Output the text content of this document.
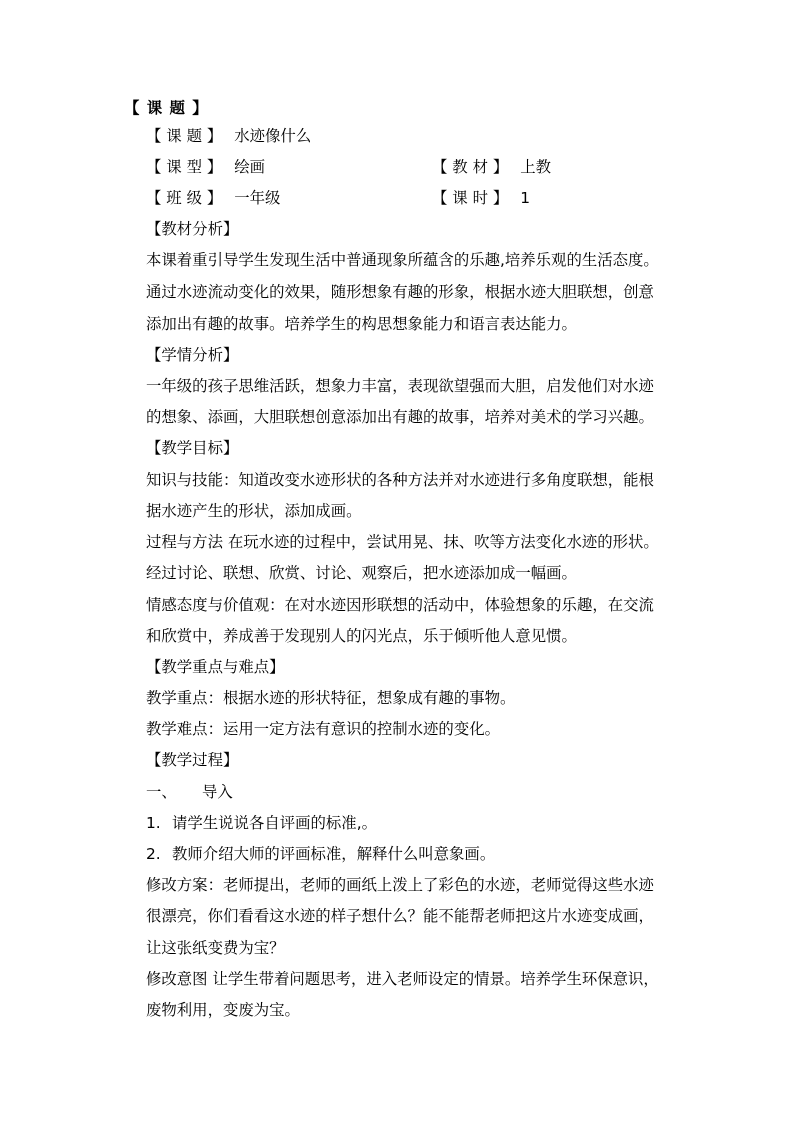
【 课 题 】
【 课 题 】 水迹像什么
【 课 型 】 绘画	【 教 材 】 上教
【 班 级 】 一年级	【 课 时 】 1
【教材分析】
本课着重引导学生发现生活中普通现象所蕴含的乐趣,培养乐观的生活态度。
通过水迹流动变化的效果，随形想象有趣的形象，根据水迹大胆联想，创意
添加出有趣的故事。培养学生的构思想象能力和语言表达能力。
【学情分析】
一年级的孩子思维活跃，想象力丰富，表现欲望强而大胆，启发他们对水迹
的想象、添画，大胆联想创意添加出有趣的故事，培养对美术的学习兴趣。
【教学目标】
知识与技能：知道改变水迹形状的各种方法并对水迹进行多角度联想，能根
据水迹产生的形状，添加成画。
过程与方法 在玩水迹的过程中，尝试用晃、抹、吹等方法变化水迹的形状。
经过讨论、联想、欣赏、讨论、观察后，把水迹添加成一幅画。
情感态度与价值观：在对水迹因形联想的活动中，体验想象的乐趣，在交流
和欣赏中，养成善于发现别人的闪光点，乐于倾听他人意见惯。
【教学重点与难点】
教学重点：根据水迹的形状特征，想象成有趣的事物。
教学难点：运用一定方法有意识的控制水迹的变化。
【教学过程】
一、 导入
1. 请学生说说各自评画的标准,。
2. 教师介绍大师的评画标准，解释什么叫意象画。
修改方案：老师提出，老师的画纸上泼上了彩色的水迹，老师觉得这些水迹
很漂亮，你们看看这水迹的样子想什么？能不能帮老师把这片水迹变成画，
让这张纸变费为宝？
修改意图 让学生带着问题思考，进入老师设定的情景。培养学生环保意识，
废物利用，变废为宝。
